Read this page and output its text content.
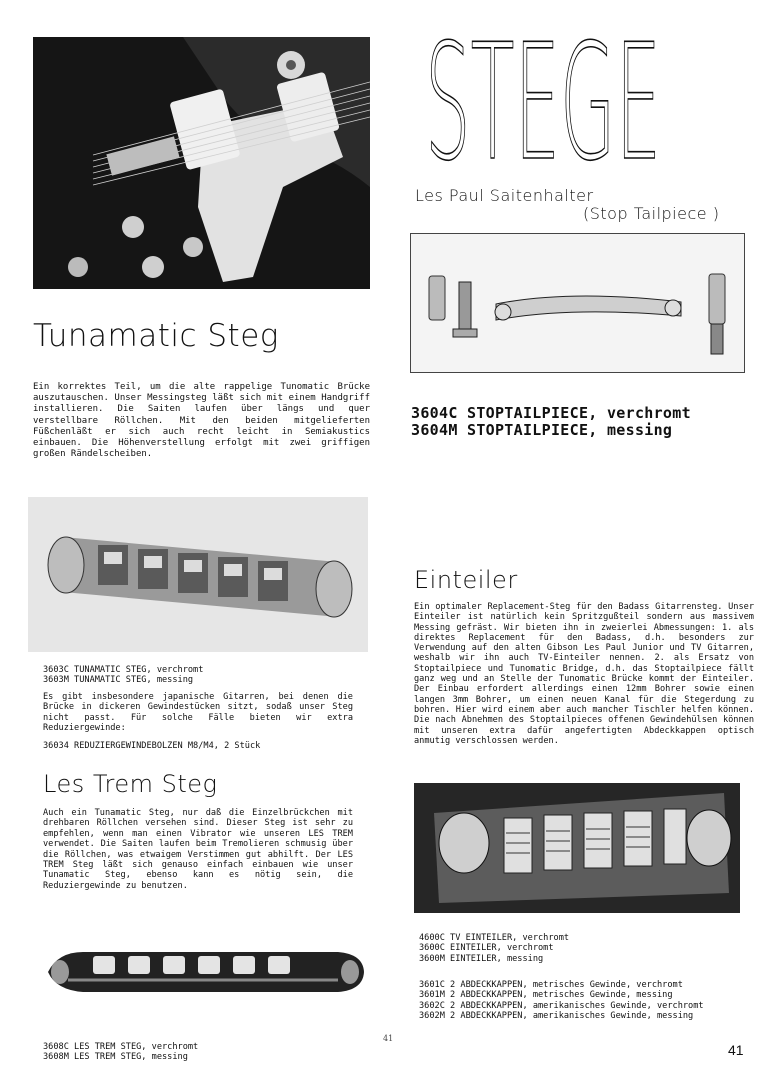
STEGE
Les Paul Saitenhalter
(Stop Tailpiece )
3604C STOPTAILPIECE, verchromt
3604M STOPTAILPIECE, messing
Tunamatic Steg
Ein korrektes Teil, um die alte rappelige Tunomatic Brücke auszutauschen. Unser Messingsteg läßt sich mit einem Handgriff installieren. Die Saiten laufen über längs und quer verstellbare Röllchen. Mit den beiden mitgelieferten Füßchenläßt er sich auch recht leicht in Semiakustics einbauen. Die Höhenverstellung erfolgt mit zwei griffigen großen Rändelscheiben.
3603C TUNAMATIC STEG, verchromt
3603M TUNAMATIC STEG, messing
Es gibt insbesondere japanische Gitarren, bei denen die Brücke in dickeren Gewindestücken sitzt, sodaß unser Steg nicht passt. Für solche Fälle bieten wir extra Reduziergewinde:
36034 REDUZIERGEWINDEBOLZEN M8/M4, 2 Stück
Les Trem Steg
Auch ein Tunamatic Steg, nur daß die Einzelbrückchen mit drehbaren Röllchen versehen sind. Dieser Steg ist sehr zu empfehlen, wenn man einen Vibrator wie unseren LES TREM verwendet. Die Saiten laufen beim Tremolieren schmusig über die Röllchen, was etwaigem Verstimmen gut abhilft. Der LES TREM Steg läßt sich genauso einfach einbauen wie unser Tunamatic Steg, ebenso kann es nötig sein, die Reduziergewinde zu benutzen.
3608C LES TREM STEG, verchromt
3608M LES TREM STEG, messing
Einteiler
Ein optimaler Replacement-Steg für den Badass Gitarrensteg. Unser Einteiler ist natürlich kein Spritzgußteil sondern aus massivem Messing gefräst. Wir bieten ihn in zweierlei Abmessungen: 1. als direktes Replacement für den Badass, d.h. besonders zur Verwendung auf den alten Gibson Les Paul Junior und TV Gitarren, weshalb wir ihn auch TV-Einteiler nennen. 2. als Ersatz von Stoptailpiece und Tunomatic Bridge, d.h. das Stoptailpiece fällt ganz weg und an Stelle der Tunomatic Brücke kommt der Einteiler. Der Einbau erfordert allerdings einen 12mm Bohrer sowie einen langen 3mm Bohrer, um einen neuen Kanal für die Stegerdung zu bohren. Hier wird einem aber auch mancher Tischler helfen können. Die nach Abnehmen des Stoptailpieces offenen Gewindehülsen können mit unseren extra dafür angefertigten Abdeckkappen optisch anmutig verschlossen werden.
4600C TV EINTEILER, verchromt
3600C EINTEILER, verchromt
3600M EINTEILER, messing
3601C 2 ABDECKKAPPEN, metrisches Gewinde, verchromt
3601M 2 ABDECKKAPPEN, metrisches Gewinde, messing
3602C 2 ABDECKKAPPEN, amerikanisches Gewinde, verchromt
3602M 2 ABDECKKAPPEN, amerikanisches Gewinde, messing
41
41
